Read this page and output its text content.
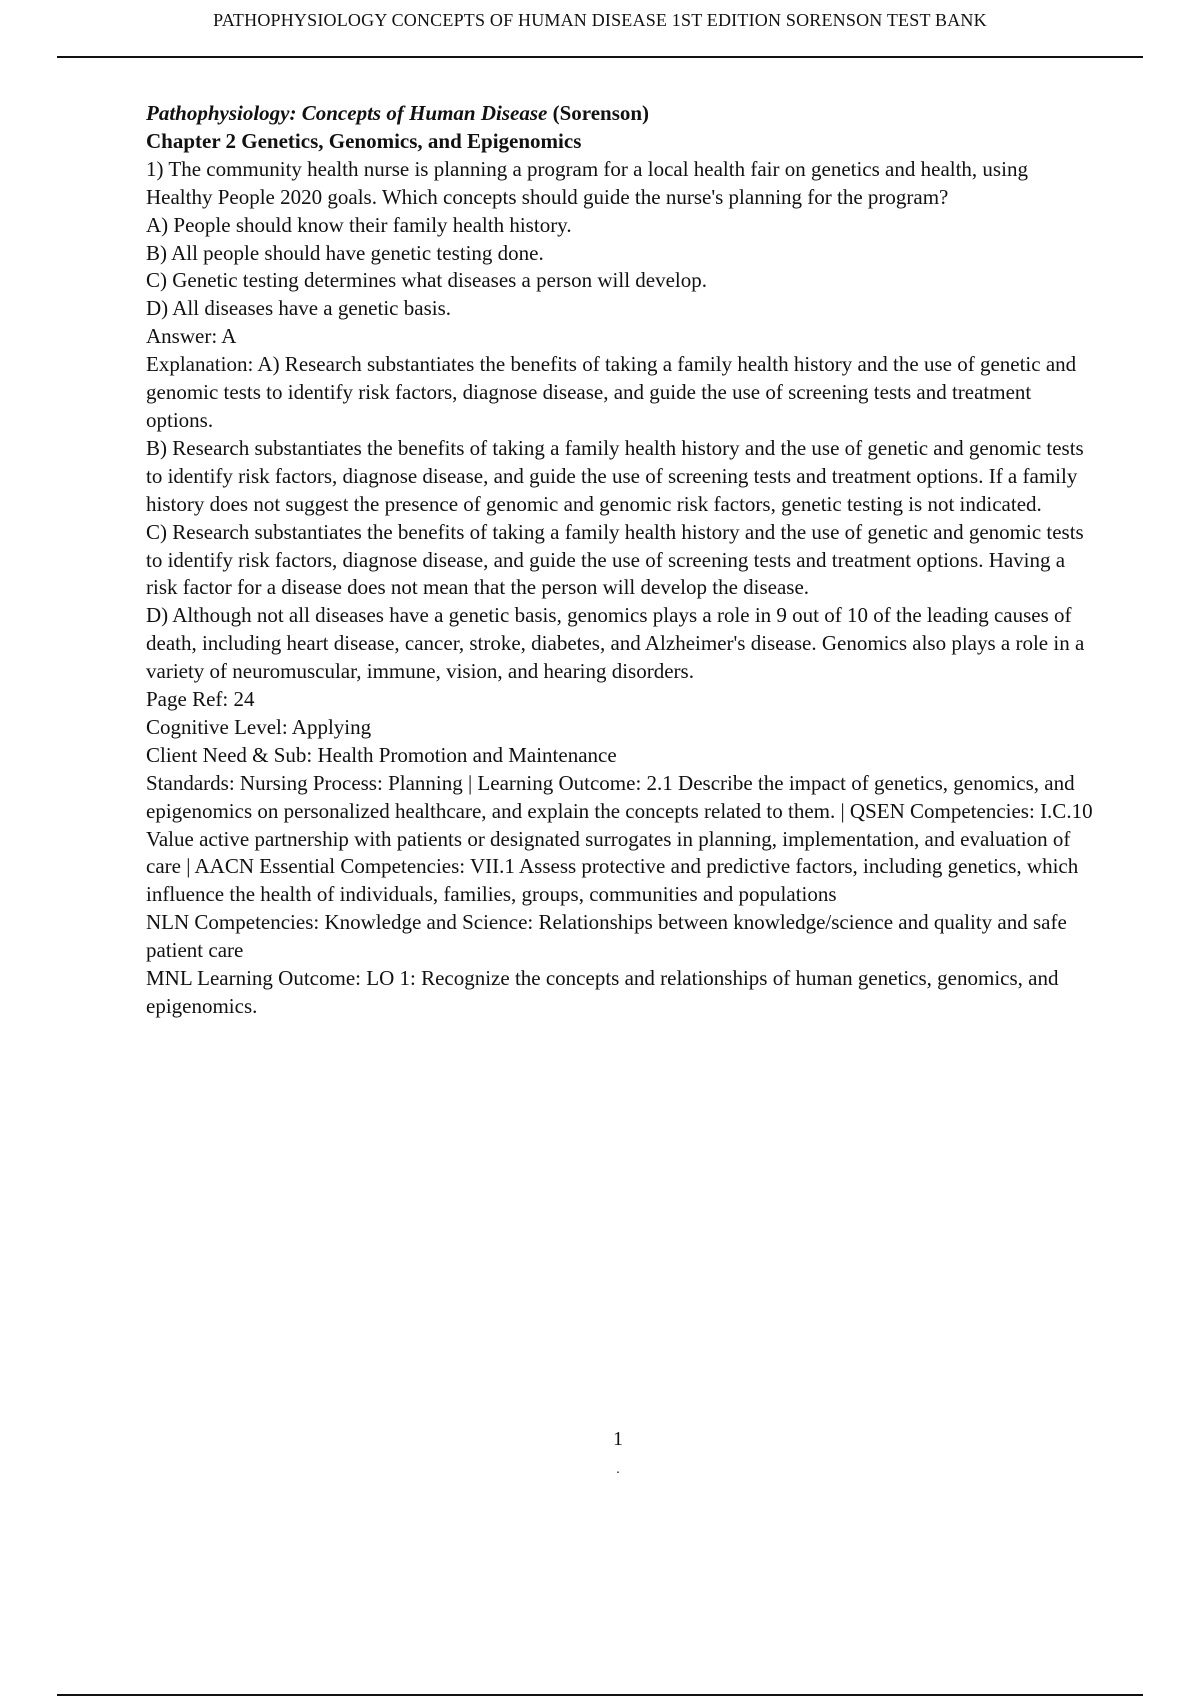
PATHOPHYSIOLOGY CONCEPTS OF HUMAN DISEASE 1ST EDITION SORENSON TEST BANK

Pathophysiology: Concepts of Human Disease (Sorenson)

Chapter 2 Genetics, Genomics, and Epigenomics

1) The community health nurse is planning a program for a local health fair on genetics and health, using Healthy People 2020 goals. Which concepts should guide the nurse's planning for the program?

A) People should know their family health history.

B) All people should have genetic testing done.

C) Genetic testing determines what diseases a person will develop.

D) All diseases have a genetic basis.

Answer: A

Explanation: A) Research substantiates the benefits of taking a family health history and the use of genetic and genomic tests to identify risk factors, diagnose disease, and guide the use of screening tests and treatment options.

B) Research substantiates the benefits of taking a family health history and the use of genetic and genomic tests to identify risk factors, diagnose disease, and guide the use of screening tests and treatment options. If a family history does not suggest the presence of genomic and genomic risk factors, genetic testing is not indicated.

C) Research substantiates the benefits of taking a family health history and the use of genetic and genomic tests to identify risk factors, diagnose disease, and guide the use of screening tests and treatment options. Having a risk factor for a disease does not mean that the person will develop the disease.

D) Although not all diseases have a genetic basis, genomics plays a role in 9 out of 10 of the leading causes of death, including heart disease, cancer, stroke, diabetes, and Alzheimer's disease. Genomics also plays a role in a variety of neuromuscular, immune, vision, and hearing disorders.

Page Ref: 24

Cognitive Level: Applying

Client Need & Sub: Health Promotion and Maintenance

Standards: Nursing Process: Planning | Learning Outcome: 2.1 Describe the impact of genetics, genomics, and epigenomics on personalized healthcare, and explain the concepts related to them. | QSEN Competencies: I.C.10 Value active partnership with patients or designated surrogates in planning, implementation, and evaluation of care | AACN Essential Competencies: VII.1 Assess protective and predictive factors, including genetics, which influence the health of individuals, families, groups, communities and populations

NLN Competencies: Knowledge and Science: Relationships between knowledge/science and quality and safe patient care

MNL Learning Outcome: LO 1: Recognize the concepts and relationships of human genetics, genomics, and epigenomics.

1
.
